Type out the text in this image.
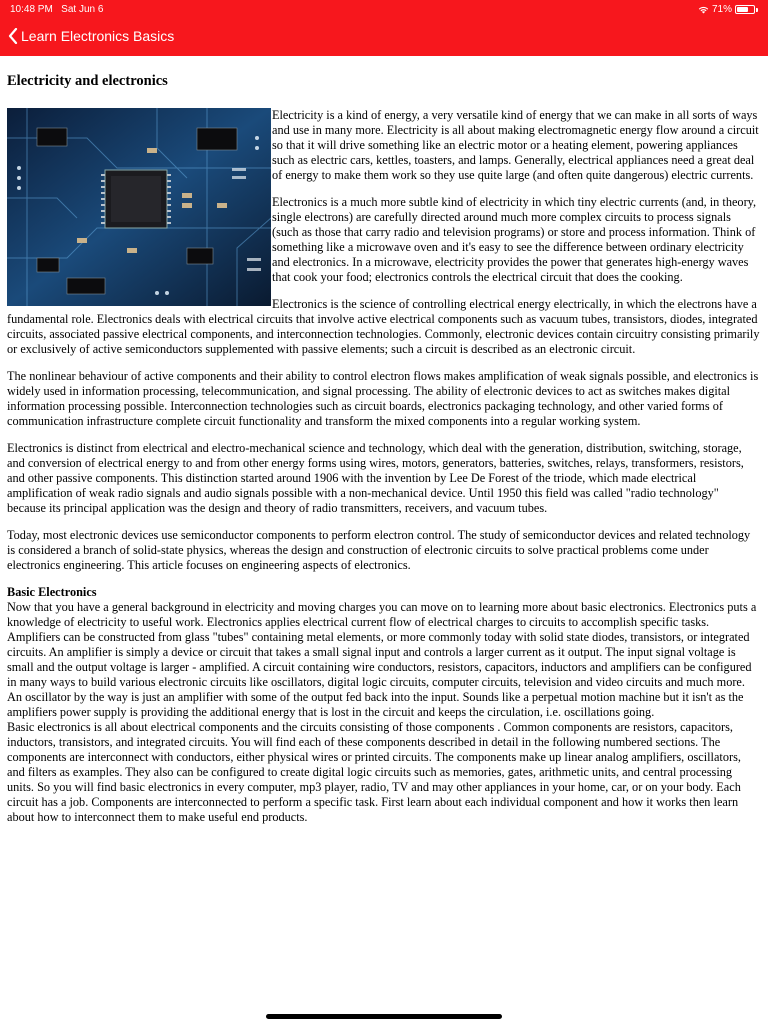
10:48 PM Sat Jun 6	71%
Learn Electronics Basics
Electricity and electronics

Electricity is a kind of energy, a very versatile kind of energy that we can make in all sorts of ways and use in many more. Electricity is all about making electromagnetic energy flow around a circuit so that it will drive something like an electric motor or a heating element, powering appliances such as electric cars, kettles, toasters, and lamps. Generally, electrical appliances need a great deal of energy to make them work so they use quite large (and often quite dangerous) electric currents.

Electronics is a much more subtle kind of electricity in which tiny electric currents (and, in theory, single electrons) are carefully directed around much more complex circuits to process signals (such as those that carry radio and television programs) or store and process information. Think of something like a microwave oven and it's easy to see the difference between ordinary electricity and electronics. In a microwave, electricity provides the power that generates high-energy waves that cook your food; electronics controls the electrical circuit that does the cooking.

Electronics is the science of controlling electrical energy electrically, in which the electrons have a fundamental role. Electronics deals with electrical circuits that involve active electrical components such as vacuum tubes, transistors, diodes, integrated circuits, associated passive electrical components, and interconnection technologies. Commonly, electronic devices contain circuitry consisting primarily or exclusively of active semiconductors supplemented with passive elements; such a circuit is described as an electronic circuit.

The nonlinear behaviour of active components and their ability to control electron flows makes amplification of weak signals possible, and electronics is widely used in information processing, telecommunication, and signal processing. The ability of electronic devices to act as switches makes digital information processing possible. Interconnection technologies such as circuit boards, electronics packaging technology, and other varied forms of communication infrastructure complete circuit functionality and transform the mixed components into a regular working system.

Electronics is distinct from electrical and electro-mechanical science and technology, which deal with the generation, distribution, switching, storage, and conversion of electrical energy to and from other energy forms using wires, motors, generators, batteries, switches, relays, transformers, resistors, and other passive components. This distinction started around 1906 with the invention by Lee De Forest of the triode, which made electrical amplification of weak radio signals and audio signals possible with a non-mechanical device. Until 1950 this field was called "radio technology" because its principal application was the design and theory of radio transmitters, receivers, and vacuum tubes.

Today, most electronic devices use semiconductor components to perform electron control. The study of semiconductor devices and related technology is considered a branch of solid-state physics, whereas the design and construction of electronic circuits to solve practical problems come under electronics engineering. This article focuses on engineering aspects of electronics.

Basic Electronics

Now that you have a general background in electricity and moving charges you can move on to learning more about basic electronics. Electronics puts a knowledge of electricity to useful work. Electronics applies electrical current flow of electrical charges to circuits to accomplish specific tasks. Amplifiers can be constructed from glass "tubes" containing metal elements, or more commonly today with solid state diodes, transistors, or integrated circuits. An amplifier is simply a device or circuit that takes a small signal input and controls a larger current as it output. The input signal voltage is small and the output voltage is larger - amplified. A circuit containing wire conductors, resistors, capacitors, inductors and amplifiers can be configured in many ways to build various electronic circuits like oscillators, digital logic circuits, computer circuits, television and video circuits and much more. An oscillator by the way is just an amplifier with some of the output fed back into the input. Sounds like a perpetual motion machine but it isn't as the amplifiers power supply is providing the additional energy that is lost in the circuit and keeps the circulation, i.e. oscillations going.

Basic electronics is all about electrical components and the circuits consisting of those components . Common components are resistors, capacitors, inductors, transistors, and integrated circuits. You will find each of these components described in detail in the following numbered sections. The components are interconnect with conductors, either physical wires or printed circuits. The components make up linear analog amplifiers, oscillators, and filters as examples. They also can be configured to create digital logic circuits such as memories, gates, arithmetic units, and central processing units. So you will find basic electronics in every computer, mp3 player, radio, TV and may other appliances in your home, car, or on your body. Each circuit has a job. Components are interconnected to perform a specific task. First learn about each individual component and how it works then learn about how to interconnect them to make useful end products.
